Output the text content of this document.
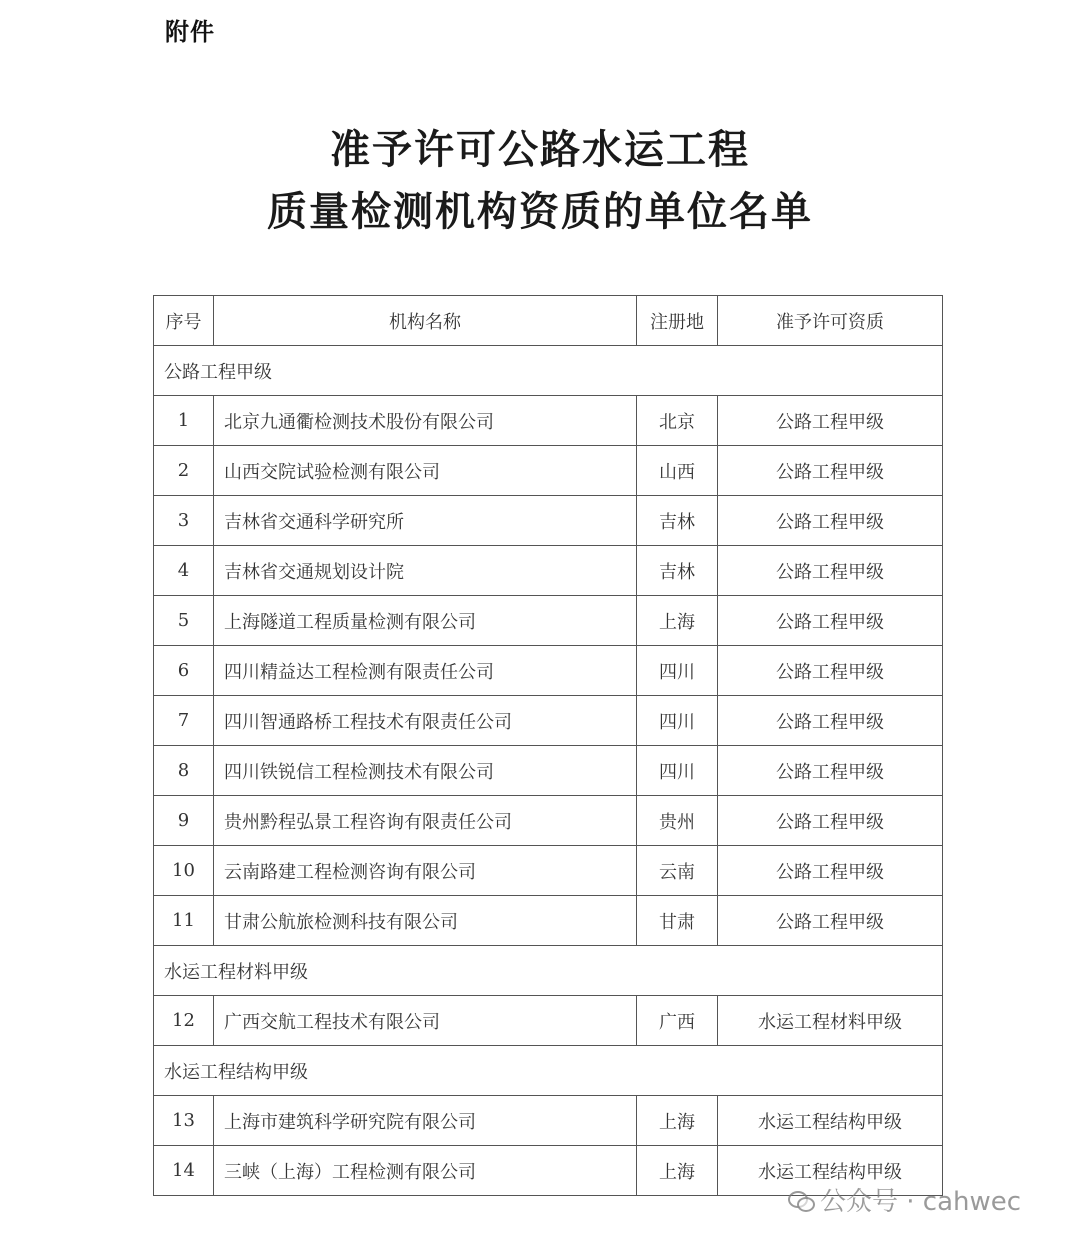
附件
准予许可公路水运工程
质量检测机构资质的单位名单
序号	机构名称	注册地	准予许可资质
公路工程甲级			
1	北京九通衢检测技术股份有限公司	北京	公路工程甲级
2	山西交院试验检测有限公司	山西	公路工程甲级
3	吉林省交通科学研究所	吉林	公路工程甲级
4	吉林省交通规划设计院	吉林	公路工程甲级
5	上海隧道工程质量检测有限公司	上海	公路工程甲级
6	四川精益达工程检测有限责任公司	四川	公路工程甲级
7	四川智通路桥工程技术有限责任公司	四川	公路工程甲级
8	四川铁锐信工程检测技术有限公司	四川	公路工程甲级
9	贵州黔程弘景工程咨询有限责任公司	贵州	公路工程甲级
10	云南路建工程检测咨询有限公司	云南	公路工程甲级
11	甘肃公航旅检测科技有限公司	甘肃	公路工程甲级
水运工程材料甲级			
12	广西交航工程技术有限公司	广西	水运工程材料甲级
水运工程结构甲级			
13	上海市建筑科学研究院有限公司	上海	水运工程结构甲级
14	三峡（上海）工程检测有限公司	上海	水运工程结构甲级
公众号 · cahwec
